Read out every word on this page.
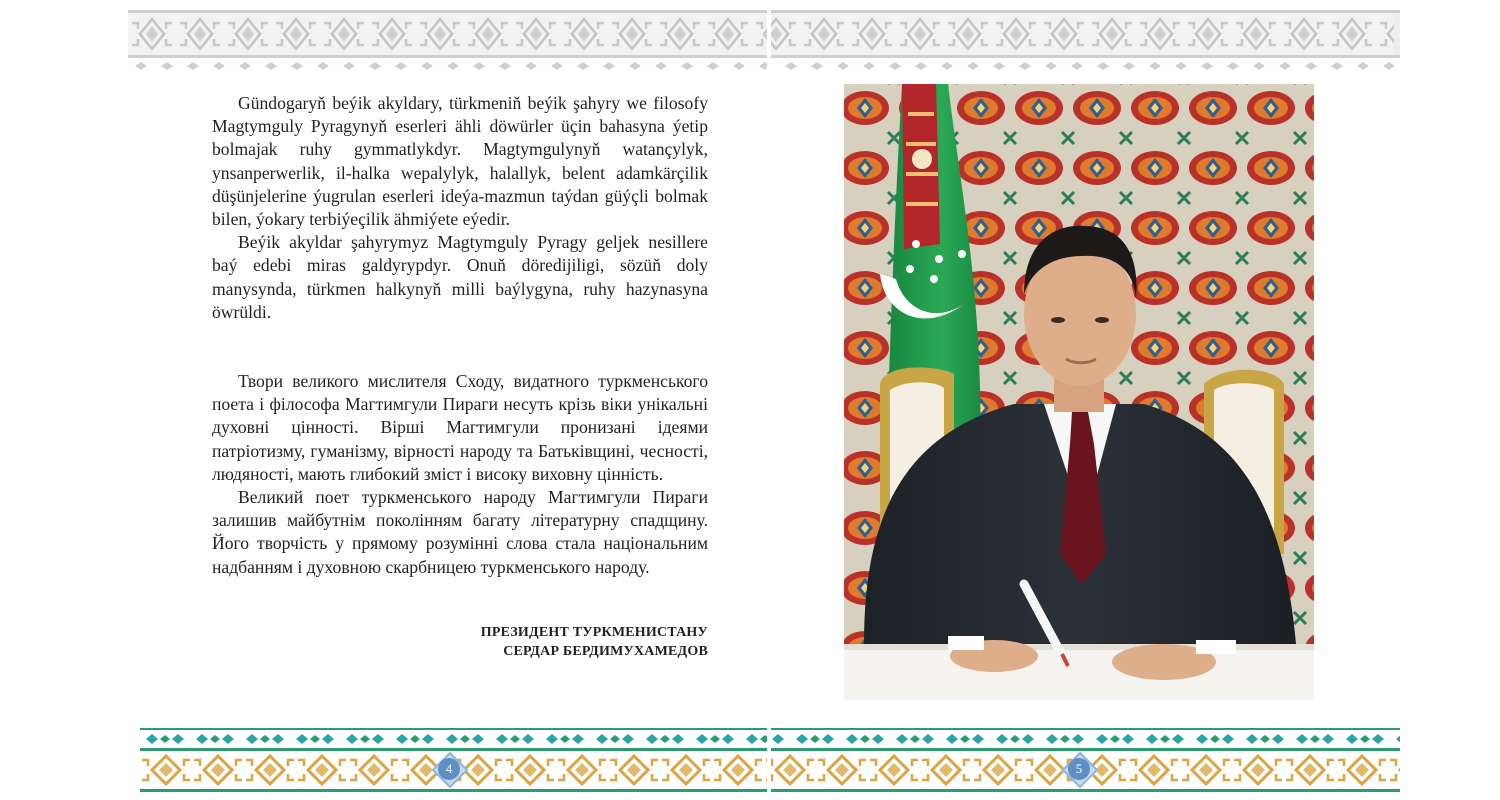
Gündogaryň beýik akyldary, türkmeniň beýik şahyry we filosofy Magtymguly Pyragynyň eserleri ähli döwürler üçin bahasyna ýetip bolmajak ruhy gymmatlykdyr. Magtymgulynyň watançylyk, ynsanperwerlik, il-halka wepalylyk, halallyk, belent adamkärçilik düşünjelerine ýugrulan eserleri ideýa-mazmun taýdan güýçli bolmak bilen, ýokary terbiýeçilik ähmiýete eýedir.

Beýik akyldar şahyrymyz Magtymguly Pyragy geljek nesillere baý edebi miras galdyrypdyr. Onuň döredijiligi, sözüň doly manysynda, türkmen halkynyň milli baýlygyna, ruhy hazynasyna öwrüldi.

Твори великого мислителя Сходу, видатного туркменського поета і філософа Магтимгули Пираги несуть крізь віки унікальні духовні цінності. Вірші Магтимгули пронизані ідеями патріотизму, гуманізму, вірності народу та Батьківщині, чесності, людяності, мають глибокий зміст і високу виховну цінність.

Великий поет туркменського народу Магтимгули Пираги залишив майбутнім поколінням багату літературну спадщину. Його творчість у прямому розумінні слова стала національним надбанням і духовною скарбницею туркменського народу.

ПРЕЗИДЕНТ ТУРКМЕНИСТАНУ
СЕРДАР БЕРДИМУХАМЕДОВ
4	5
